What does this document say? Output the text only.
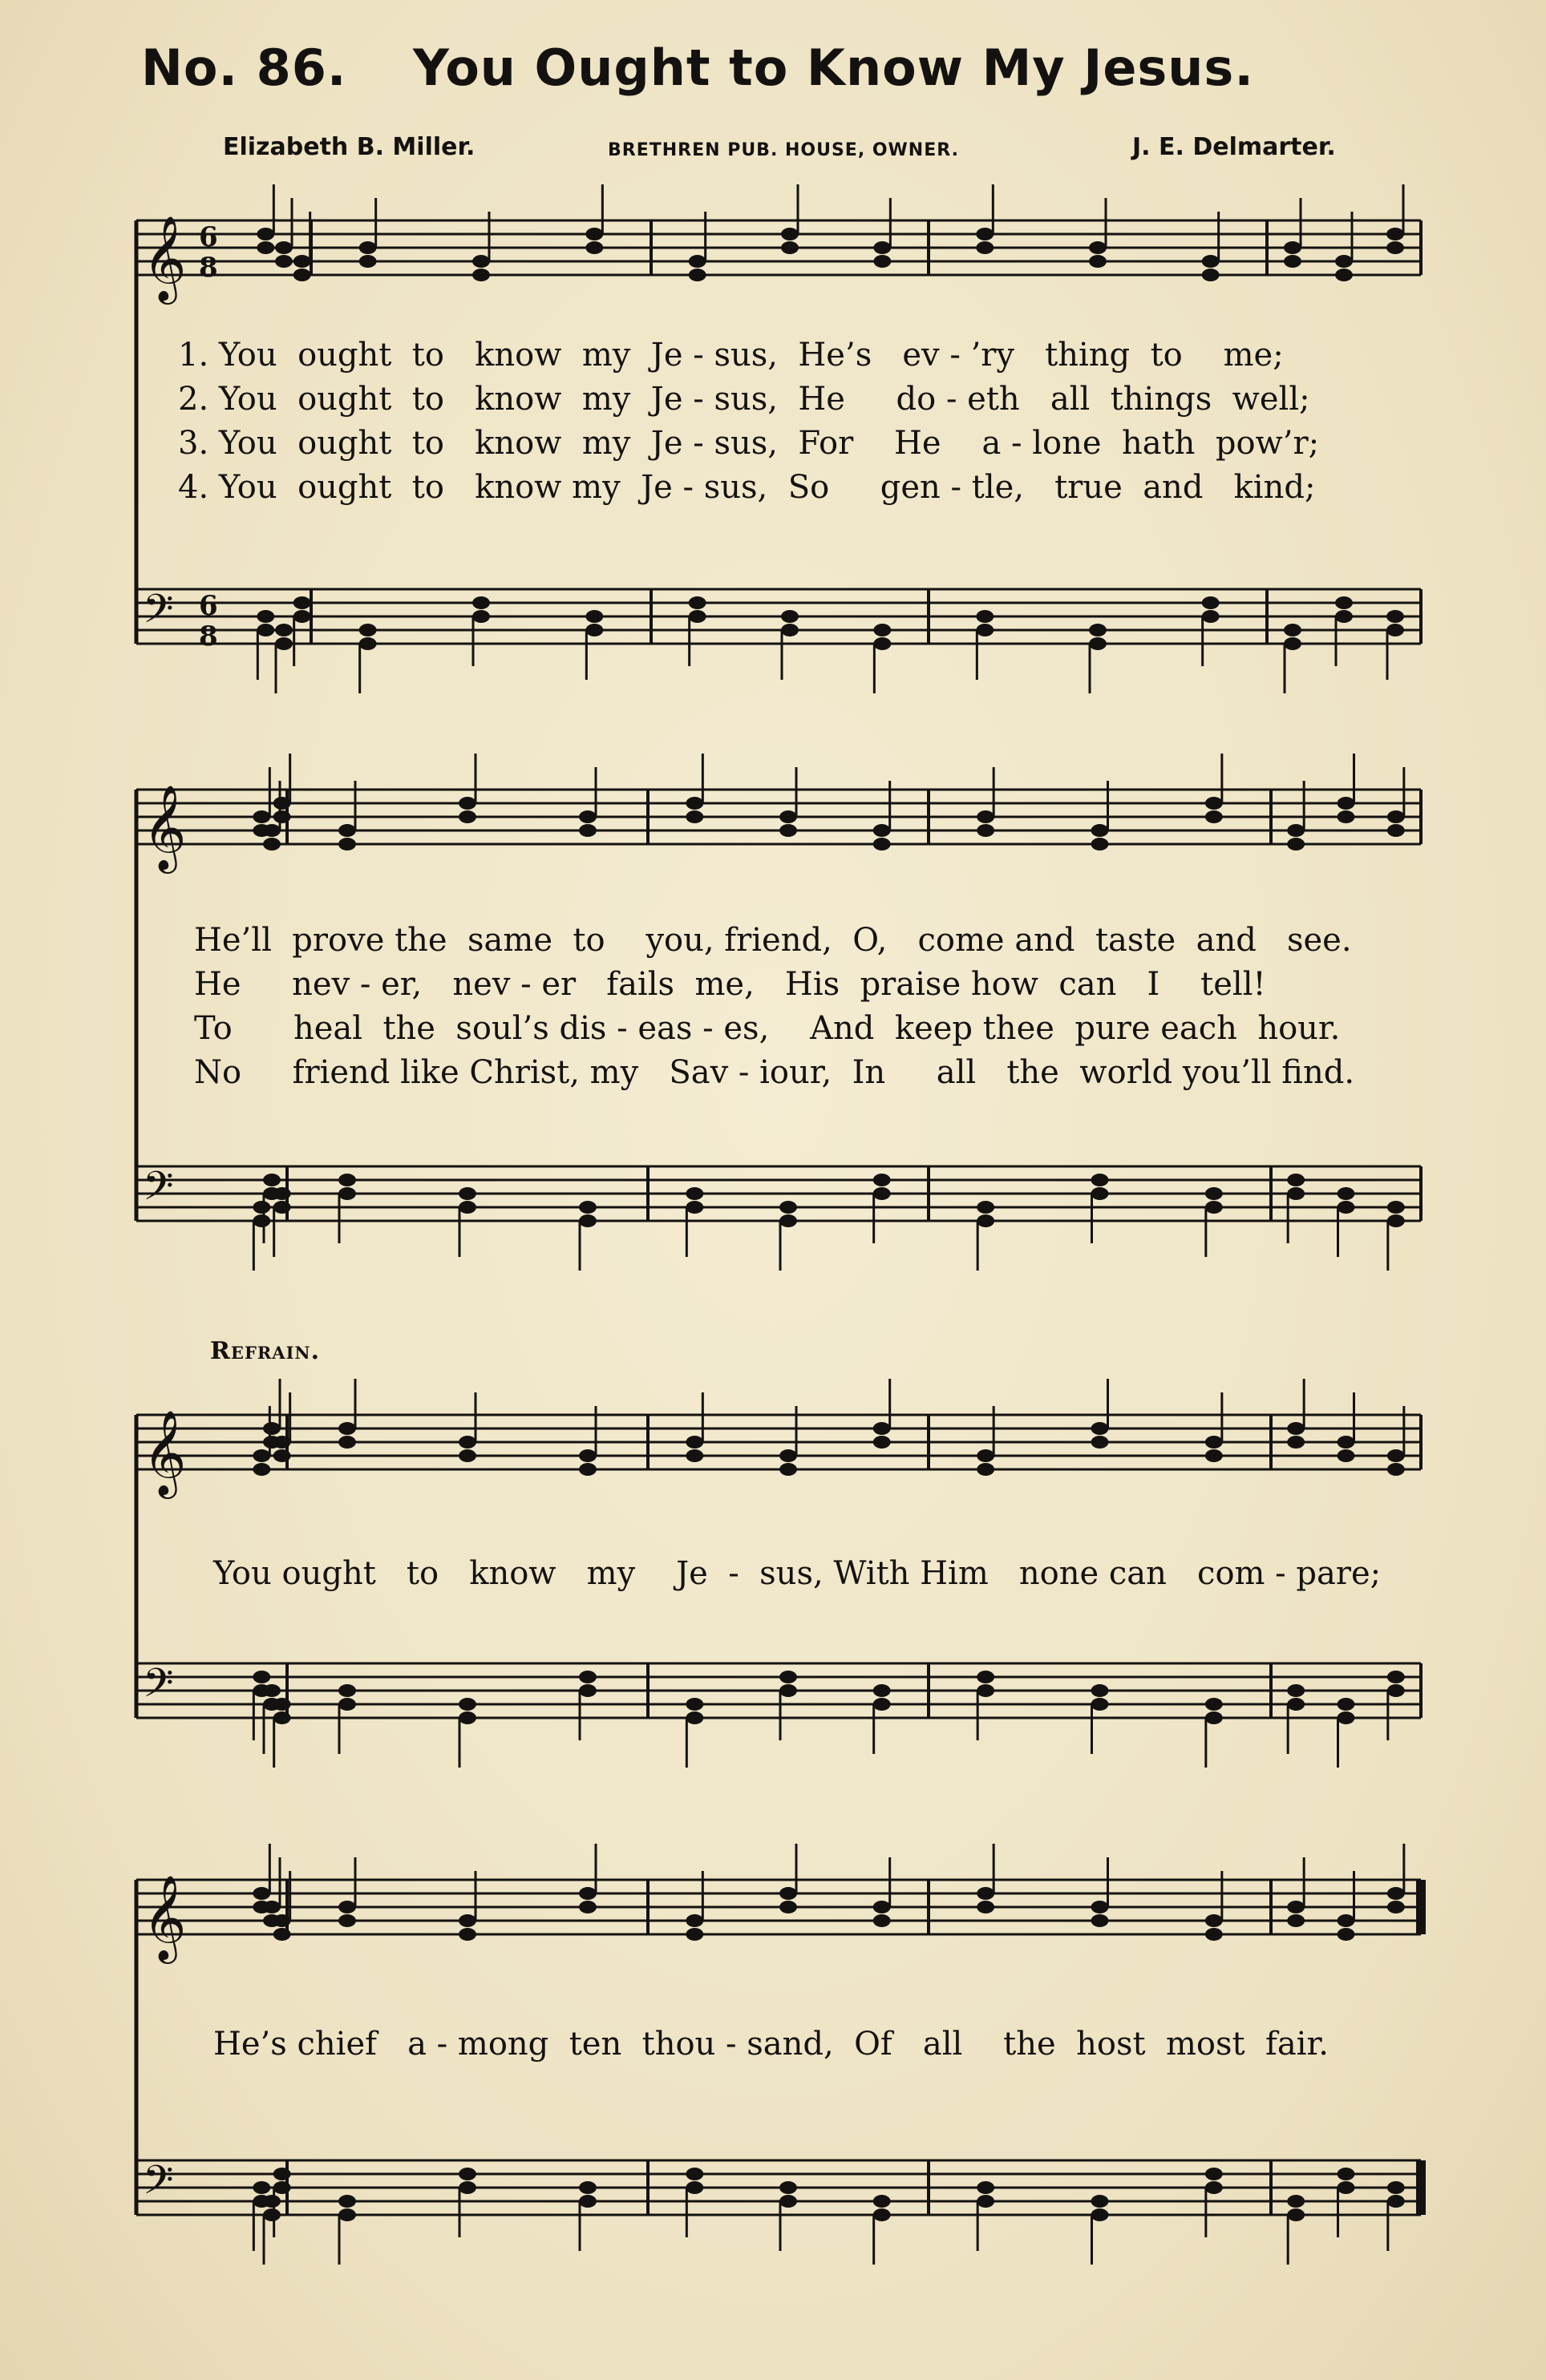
No. 86. You Ought to Know My Jesus.
Elizabeth B. Miller.	BRETHREN PUB. HOUSE, OWNER.	J. E. Delmarter.
𝄞 6
8
𝄢 6
8
𝄞
𝄢
𝄞
𝄢
𝄞
𝄢
1. You  ought  to   know  my  Je - sus,  He’s   ev - ’ry   thing  to    me;
2. You  ought  to   know  my  Je - sus,  He     do - eth   all  things  well;
3. You  ought  to   know  my  Je - sus,  For    He    a - lone  hath  pow’r;
4. You  ought  to   know my  Je - sus,  So     gen - tle,   true  and   kind;
He’ll  prove the  same  to    you, friend,  O,   come and  taste  and   see.
He     nev - er,   nev - er   fails  me,   His  praise how  can   I    tell!
To      heal  the  soul’s dis - eas - es,    And  keep thee  pure each  hour.
No     friend like Christ, my   Sav - iour,  In     all   the  world you’ll find.
Refrain.
You ought   to   know   my    Je  -  sus, With Him   none can   com - pare;
He’s chief   a - mong  ten  thou - sand,  Of   all    the  host  most  fair.
